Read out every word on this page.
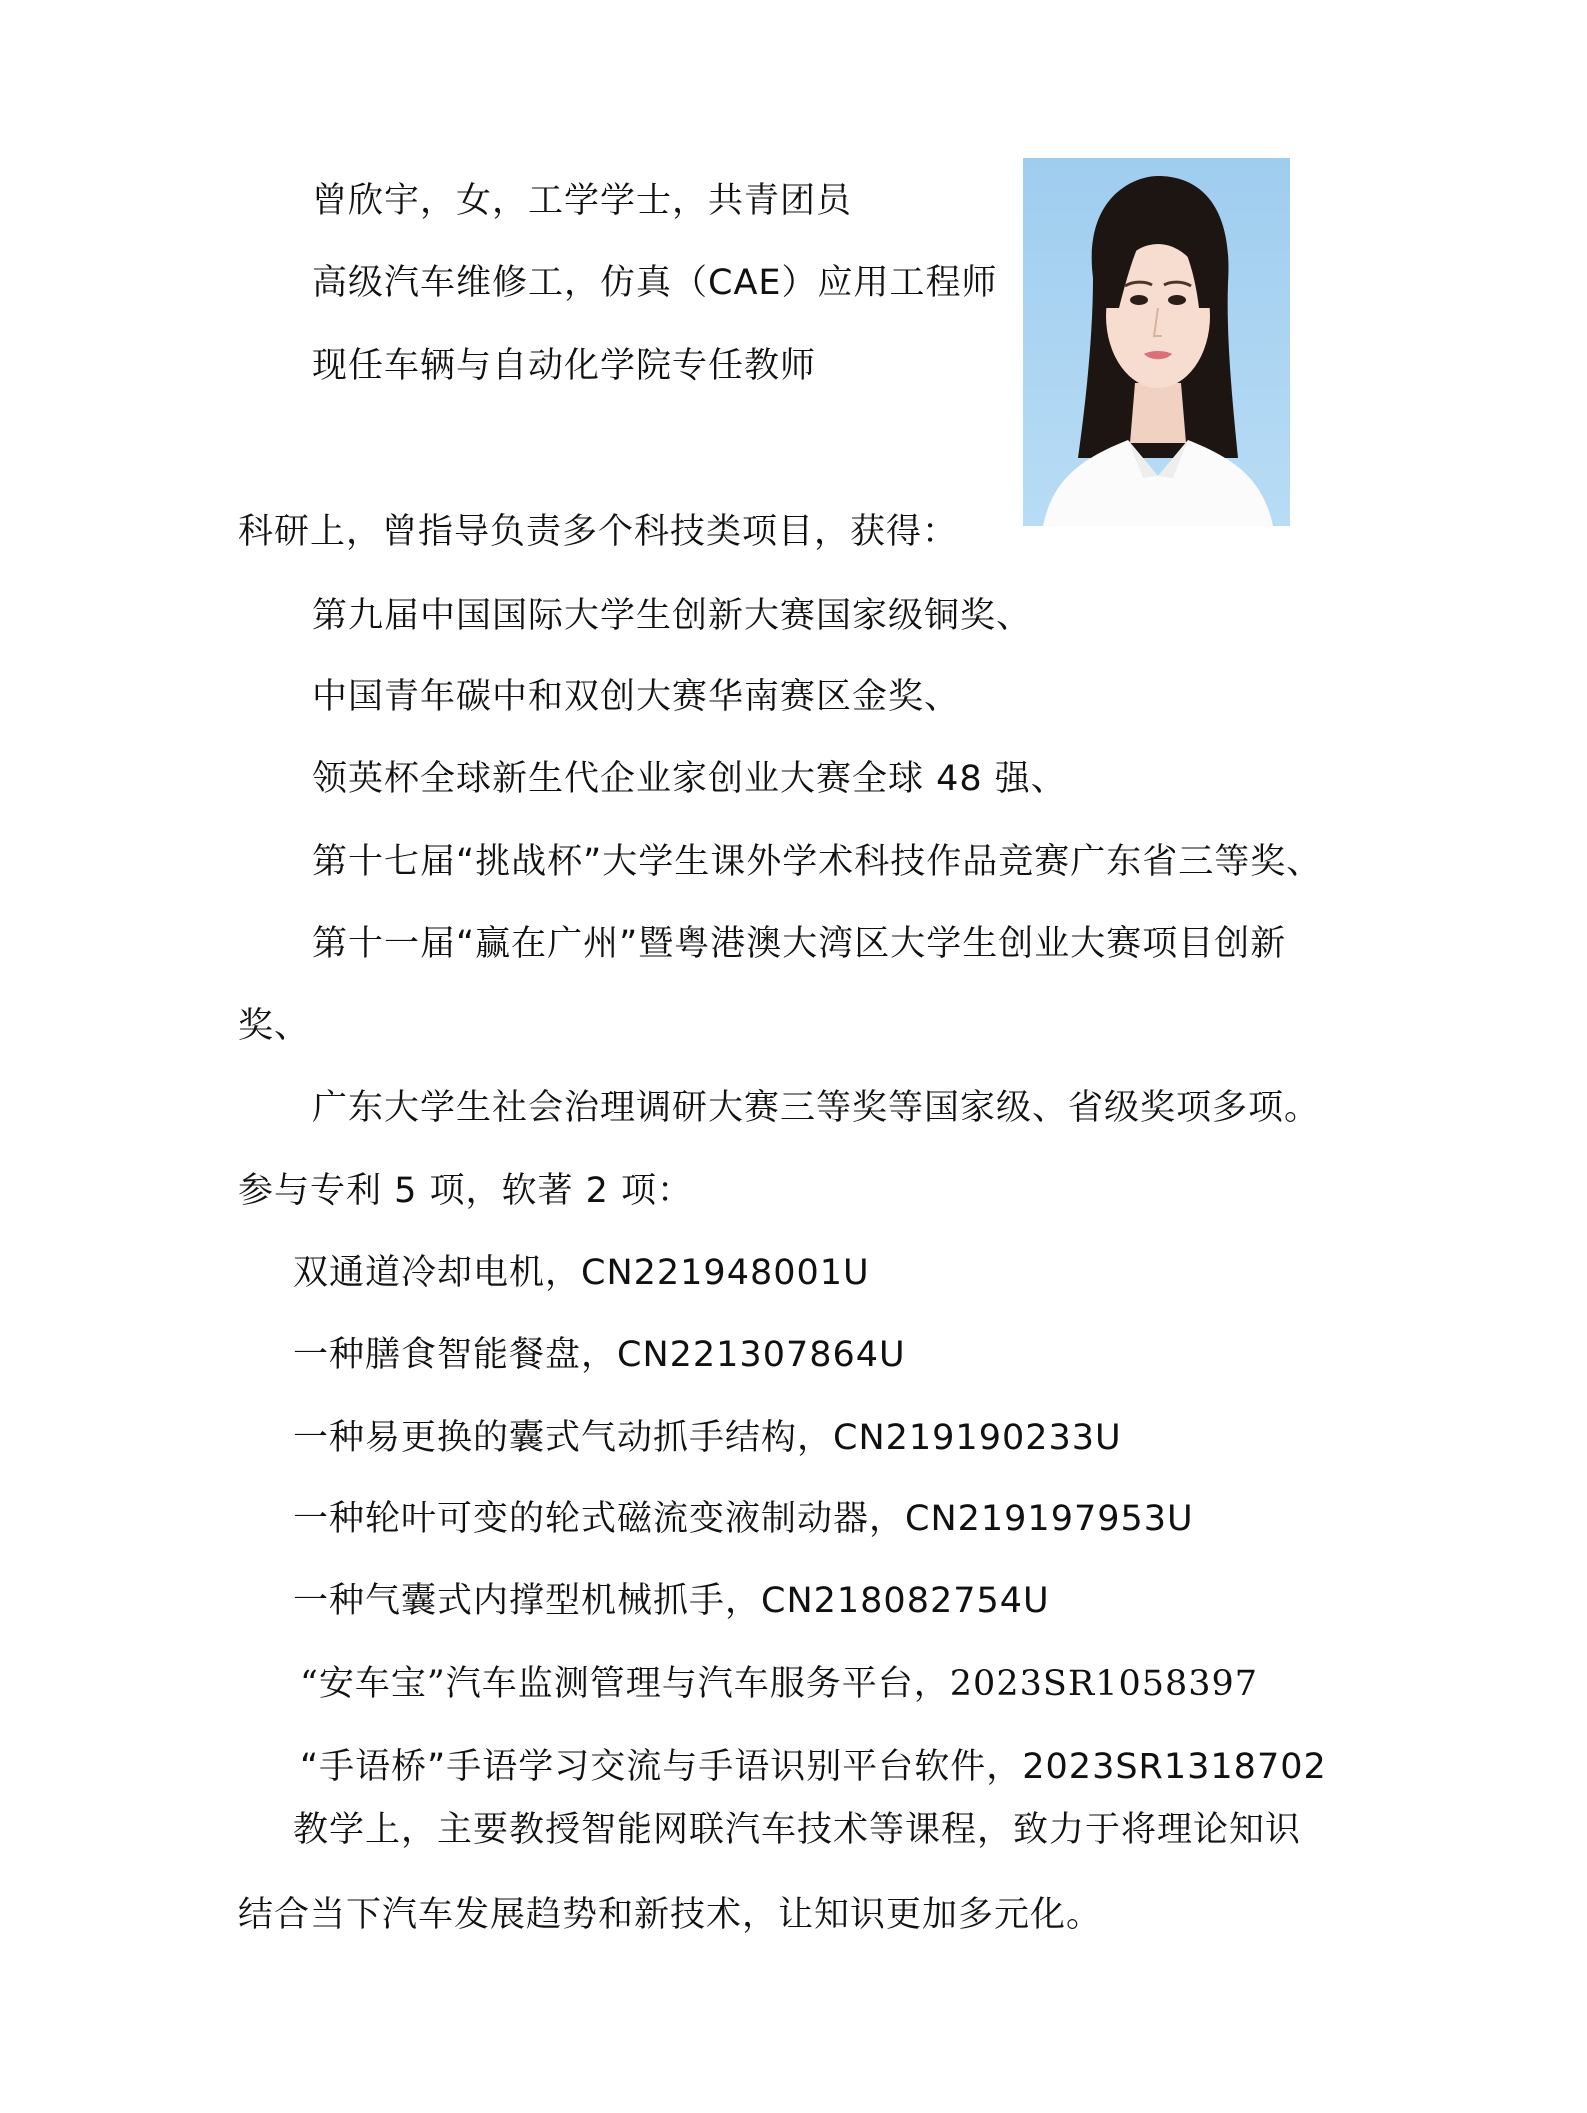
曾欣宇，女，工学学士，共青团员
高级汽车维修工，仿真（CAE）应用工程师
现任车辆与自动化学院专任教师
科研上，曾指导负责多个科技类项目，获得：
第九届中国国际大学生创新大赛国家级铜奖、
中国青年碳中和双创大赛华南赛区金奖、
领英杯全球新生代企业家创业大赛全球 48 强、
第十七届“挑战杯”大学生课外学术科技作品竞赛广东省三等奖、
第十一届“赢在广州”暨粤港澳大湾区大学生创业大赛项目创新
奖、
广东大学生社会治理调研大赛三等奖等国家级、省级奖项多项。
参与专利 5 项，软著 2 项：
双通道冷却电机，CN221948001U
一种膳食智能餐盘，CN221307864U
一种易更换的囊式气动抓手结构，CN219190233U
一种轮叶可变的轮式磁流变液制动器，CN219197953U
一种气囊式内撑型机械抓手，CN218082754U
“安车宝”汽车监测管理与汽车服务平台，2023SR1058397
“手语桥”手语学习交流与手语识别平台软件，2023SR1318702
教学上，主要教授智能网联汽车技术等课程，致力于将理论知识
结合当下汽车发展趋势和新技术，让知识更加多元化。
